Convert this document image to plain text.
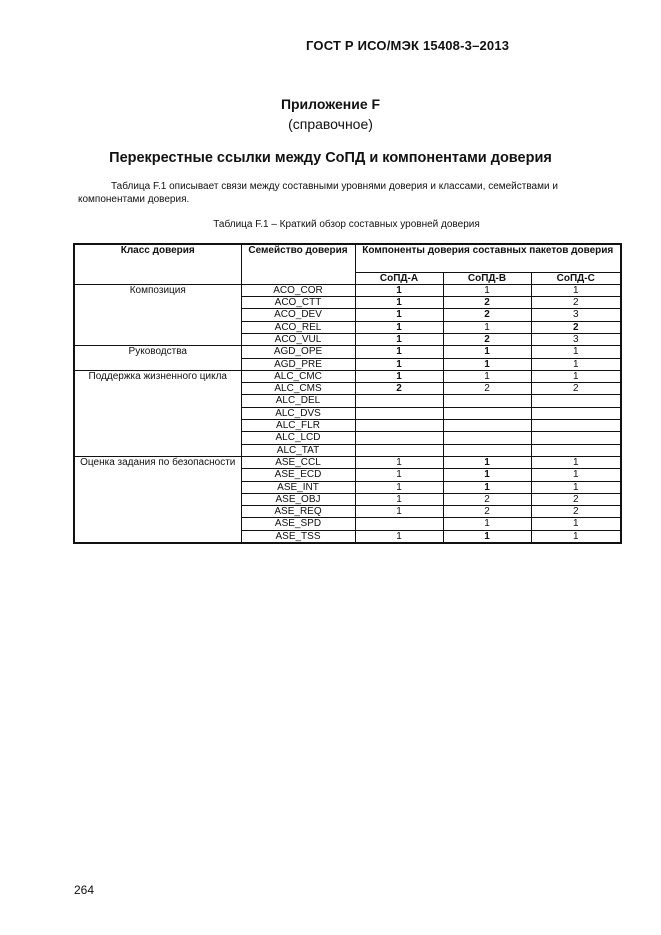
ГОСТ Р ИСО/МЭК 15408-3–2013
Приложение F
(справочное)
Перекрестные ссылки между СоПД и компонентами доверия
Таблица F.1 описывает связи между составными уровнями доверия и классами, семействами и компонентами доверия.
Таблица F.1 – Краткий обзор составных уровней доверия
Класс доверия	Семейство доверия	Компоненты доверия составных пакетов доверия		
		СоПД-A	СоПД-B	СоПД-C
Композиция	ACO_COR	1	1	1
	ACO_CTT	1	2	2
	ACO_DEV	1	2	3
	ACO_REL	1	1	2
	ACO_VUL	1	2	3
Руководства	AGD_OPE	1	1	1
	AGD_PRE	1	1	1
Поддержка жизненного цикла	ALC_CMC	1	1	1
	ALC_CMS	2	2	2
	ALC_DEL			
	ALC_DVS			
	ALC_FLR			
	ALC_LCD			
	ALC_TAT			
Оценка задания по безопасности	ASE_CCL	1	1	1
	ASE_ECD	1	1	1
	ASE_INT	1	1	1
	ASE_OBJ	1	2	2
	ASE_REQ	1	2	2
	ASE_SPD		1	1
	ASE_TSS	1	1	1
264
